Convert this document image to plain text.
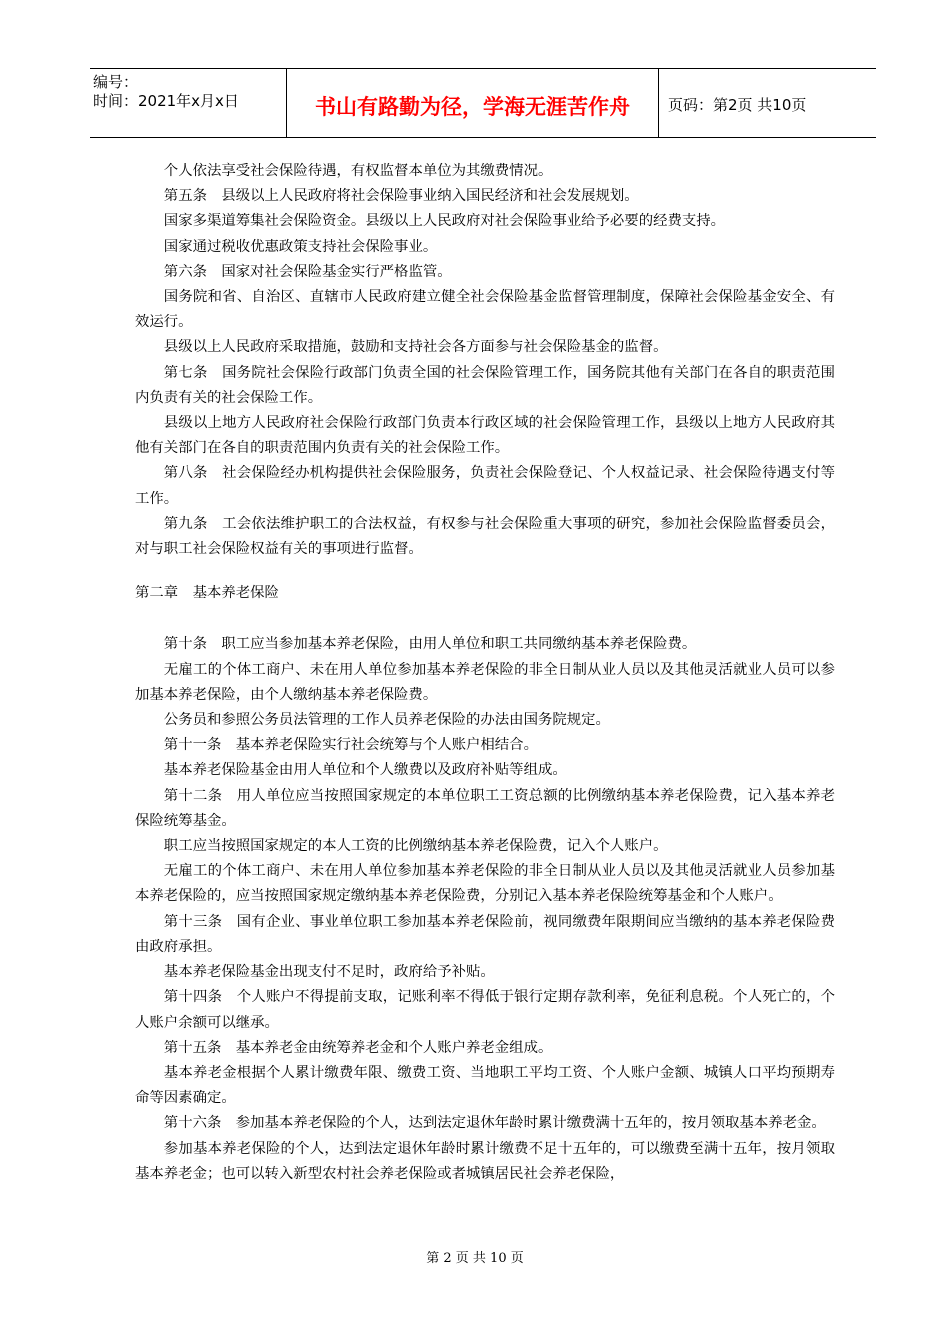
编号：
时间：2021年x月x日	书山有路勤为径，学海无涯苦作舟	页码：第2页 共10页

个人依法享受社会保险待遇，有权监督本单位为其缴费情况。

第五条　县级以上人民政府将社会保险事业纳入国民经济和社会发展规划。

国家多渠道筹集社会保险资金。县级以上人民政府对社会保险事业给予必要的经费支持。

国家通过税收优惠政策支持社会保险事业。

第六条　国家对社会保险基金实行严格监管。

国务院和省、自治区、直辖市人民政府建立健全社会保险基金监督管理制度，保障社会保险基金安全、有效运行。

县级以上人民政府采取措施，鼓励和支持社会各方面参与社会保险基金的监督。

第七条　国务院社会保险行政部门负责全国的社会保险管理工作，国务院其他有关部门在各自的职责范围内负责有关的社会保险工作。

县级以上地方人民政府社会保险行政部门负责本行政区域的社会保险管理工作，县级以上地方人民政府其他有关部门在各自的职责范围内负责有关的社会保险工作。

第八条　社会保险经办机构提供社会保险服务，负责社会保险登记、个人权益记录、社会保险待遇支付等工作。

第九条　工会依法维护职工的合法权益，有权参与社会保险重大事项的研究，参加社会保险监督委员会，对与职工社会保险权益有关的事项进行监督。

第二章　基本养老保险

第十条　职工应当参加基本养老保险，由用人单位和职工共同缴纳基本养老保险费。

无雇工的个体工商户、未在用人单位参加基本养老保险的非全日制从业人员以及其他灵活就业人员可以参加基本养老保险，由个人缴纳基本养老保险费。

公务员和参照公务员法管理的工作人员养老保险的办法由国务院规定。

第十一条　基本养老保险实行社会统筹与个人账户相结合。

基本养老保险基金由用人单位和个人缴费以及政府补贴等组成。

第十二条　用人单位应当按照国家规定的本单位职工工资总额的比例缴纳基本养老保险费，记入基本养老保险统筹基金。

职工应当按照国家规定的本人工资的比例缴纳基本养老保险费，记入个人账户。

无雇工的个体工商户、未在用人单位参加基本养老保险的非全日制从业人员以及其他灵活就业人员参加基本养老保险的，应当按照国家规定缴纳基本养老保险费，分别记入基本养老保险统筹基金和个人账户。

第十三条　国有企业、事业单位职工参加基本养老保险前，视同缴费年限期间应当缴纳的基本养老保险费由政府承担。

基本养老保险基金出现支付不足时，政府给予补贴。

第十四条　个人账户不得提前支取，记账利率不得低于银行定期存款利率，免征利息税。个人死亡的，个人账户余额可以继承。

第十五条　基本养老金由统筹养老金和个人账户养老金组成。

基本养老金根据个人累计缴费年限、缴费工资、当地职工平均工资、个人账户金额、城镇人口平均预期寿命等因素确定。

第十六条　参加基本养老保险的个人，达到法定退休年龄时累计缴费满十五年的，按月领取基本养老金。

参加基本养老保险的个人，达到法定退休年龄时累计缴费不足十五年的，可以缴费至满十五年，按月领取基本养老金；也可以转入新型农村社会养老保险或者城镇居民社会养老保险，

第 2 页 共 10 页
